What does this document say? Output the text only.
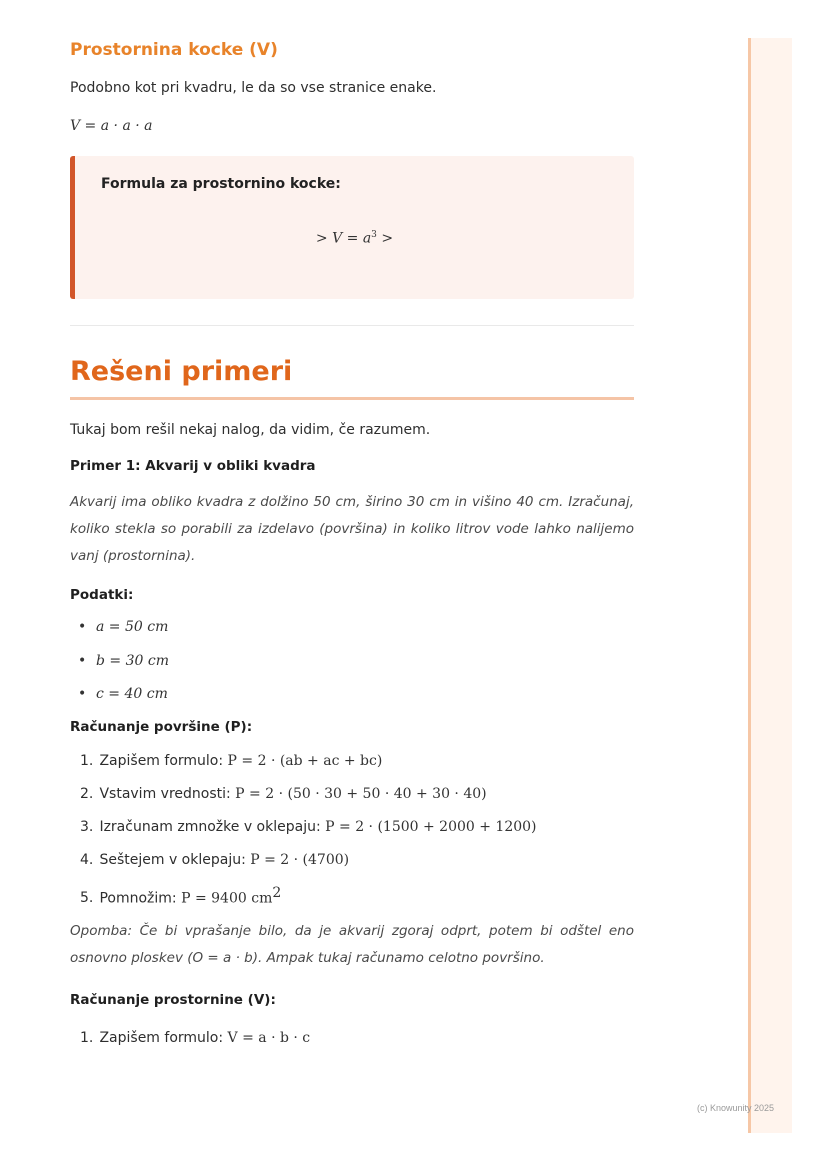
(c) Knowunity 2025
Prostornina kocke (V)
Podobno kot pri kvadru, le da so vse stranice enake.
V = a · a · a
Formula za prostornino kocke:
> $V = a^3$ >
Rešeni primeri
Tukaj bom rešil nekaj nalog, da vidim, če razumem.
Primer 1: Akvarij v obliki kvadra
Akvarij ima obliko kvadra z dolžino 50 cm, širino 30 cm in višino 40 cm. Izračunaj, koliko stekla so porabili za izdelavo (površina) in koliko litrov vode lahko nalijemo vanj (prostornina).
Podatki:
• a = 50 cm
• b = 30 cm
• c = 40 cm
Računanje površine (P):
1. Zapišem formulo: P = 2 · (ab + ac + bc)
2. Vstavim vrednosti: P = 2 · (50 · 30 + 50 · 40 + 30 · 40)
3. Izračunam zmnožke v oklepaju: P = 2 · (1500 + 2000 + 1200)
4. Seštejem v oklepaju: P = 2 · (4700)
5. Pomnožim: P = 9400 $cm^2$
Opomba: Če bi vprašanje bilo, da je akvarij zgoraj odprt, potem bi odštel eno osnovno ploskev (O = a · b). Ampak tukaj računamo celotno površino.
Računanje prostornine (V):
1. Zapišem formulo: V = a · b · c
